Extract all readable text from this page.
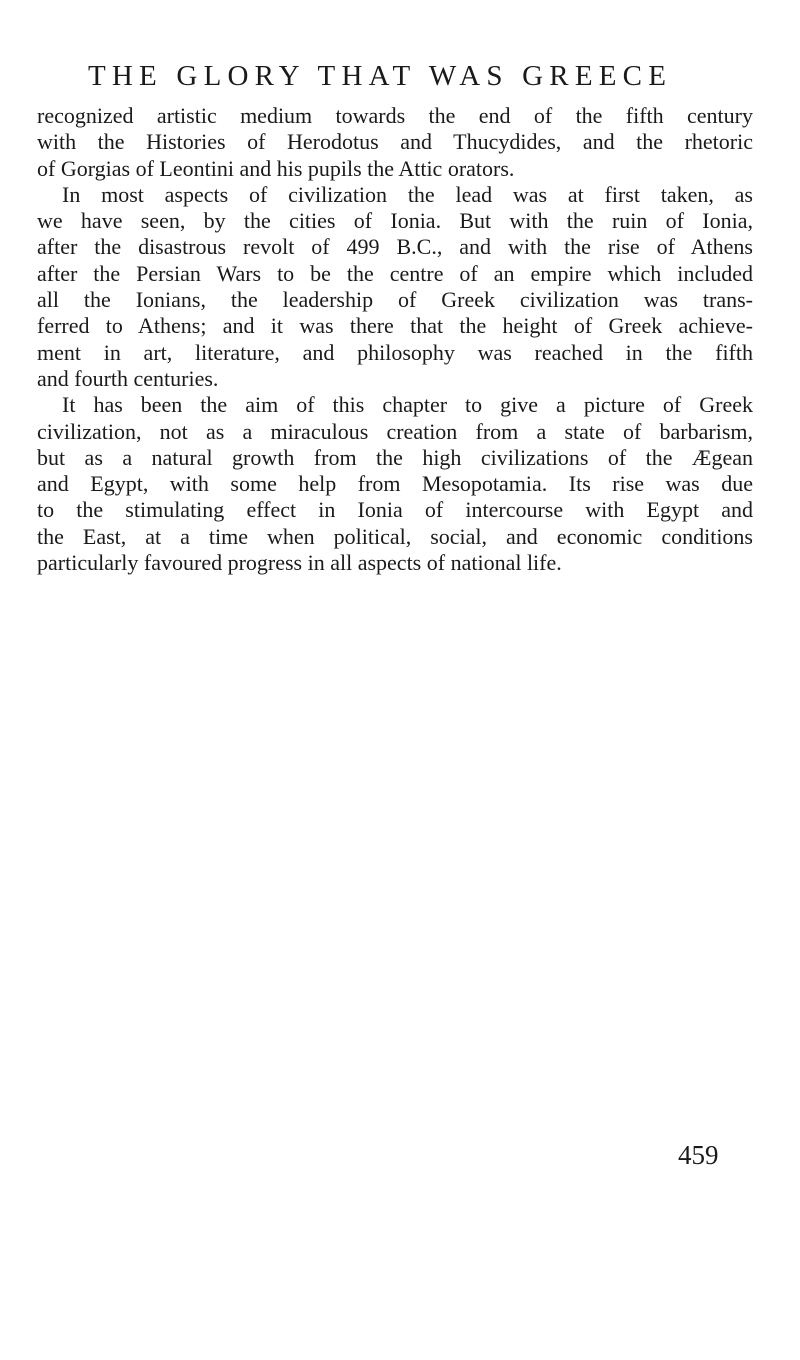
THE GLORY THAT WAS GREECE
recognized artistic medium towards the end of the fifth century
with the Histories of Herodotus and Thucydides, and the rhetoric
of Gorgias of Leontini and his pupils the Attic orators.
In most aspects of civilization the lead was at first taken, as
we have seen, by the cities of Ionia. But with the ruin of Ionia,
after the disastrous revolt of 499 B.C., and with the rise of Athens
after the Persian Wars to be the centre of an empire which included
all the Ionians, the leadership of Greek civilization was trans-
ferred to Athens; and it was there that the height of Greek achieve-
ment in art, literature, and philosophy was reached in the fifth
and fourth centuries.
It has been the aim of this chapter to give a picture of Greek
civilization, not as a miraculous creation from a state of barbarism,
but as a natural growth from the high civilizations of the Ægean
and Egypt, with some help from Mesopotamia. Its rise was due
to the stimulating effect in Ionia of intercourse with Egypt and
the East, at a time when political, social, and economic conditions
particularly favoured progress in all aspects of national life.
459
